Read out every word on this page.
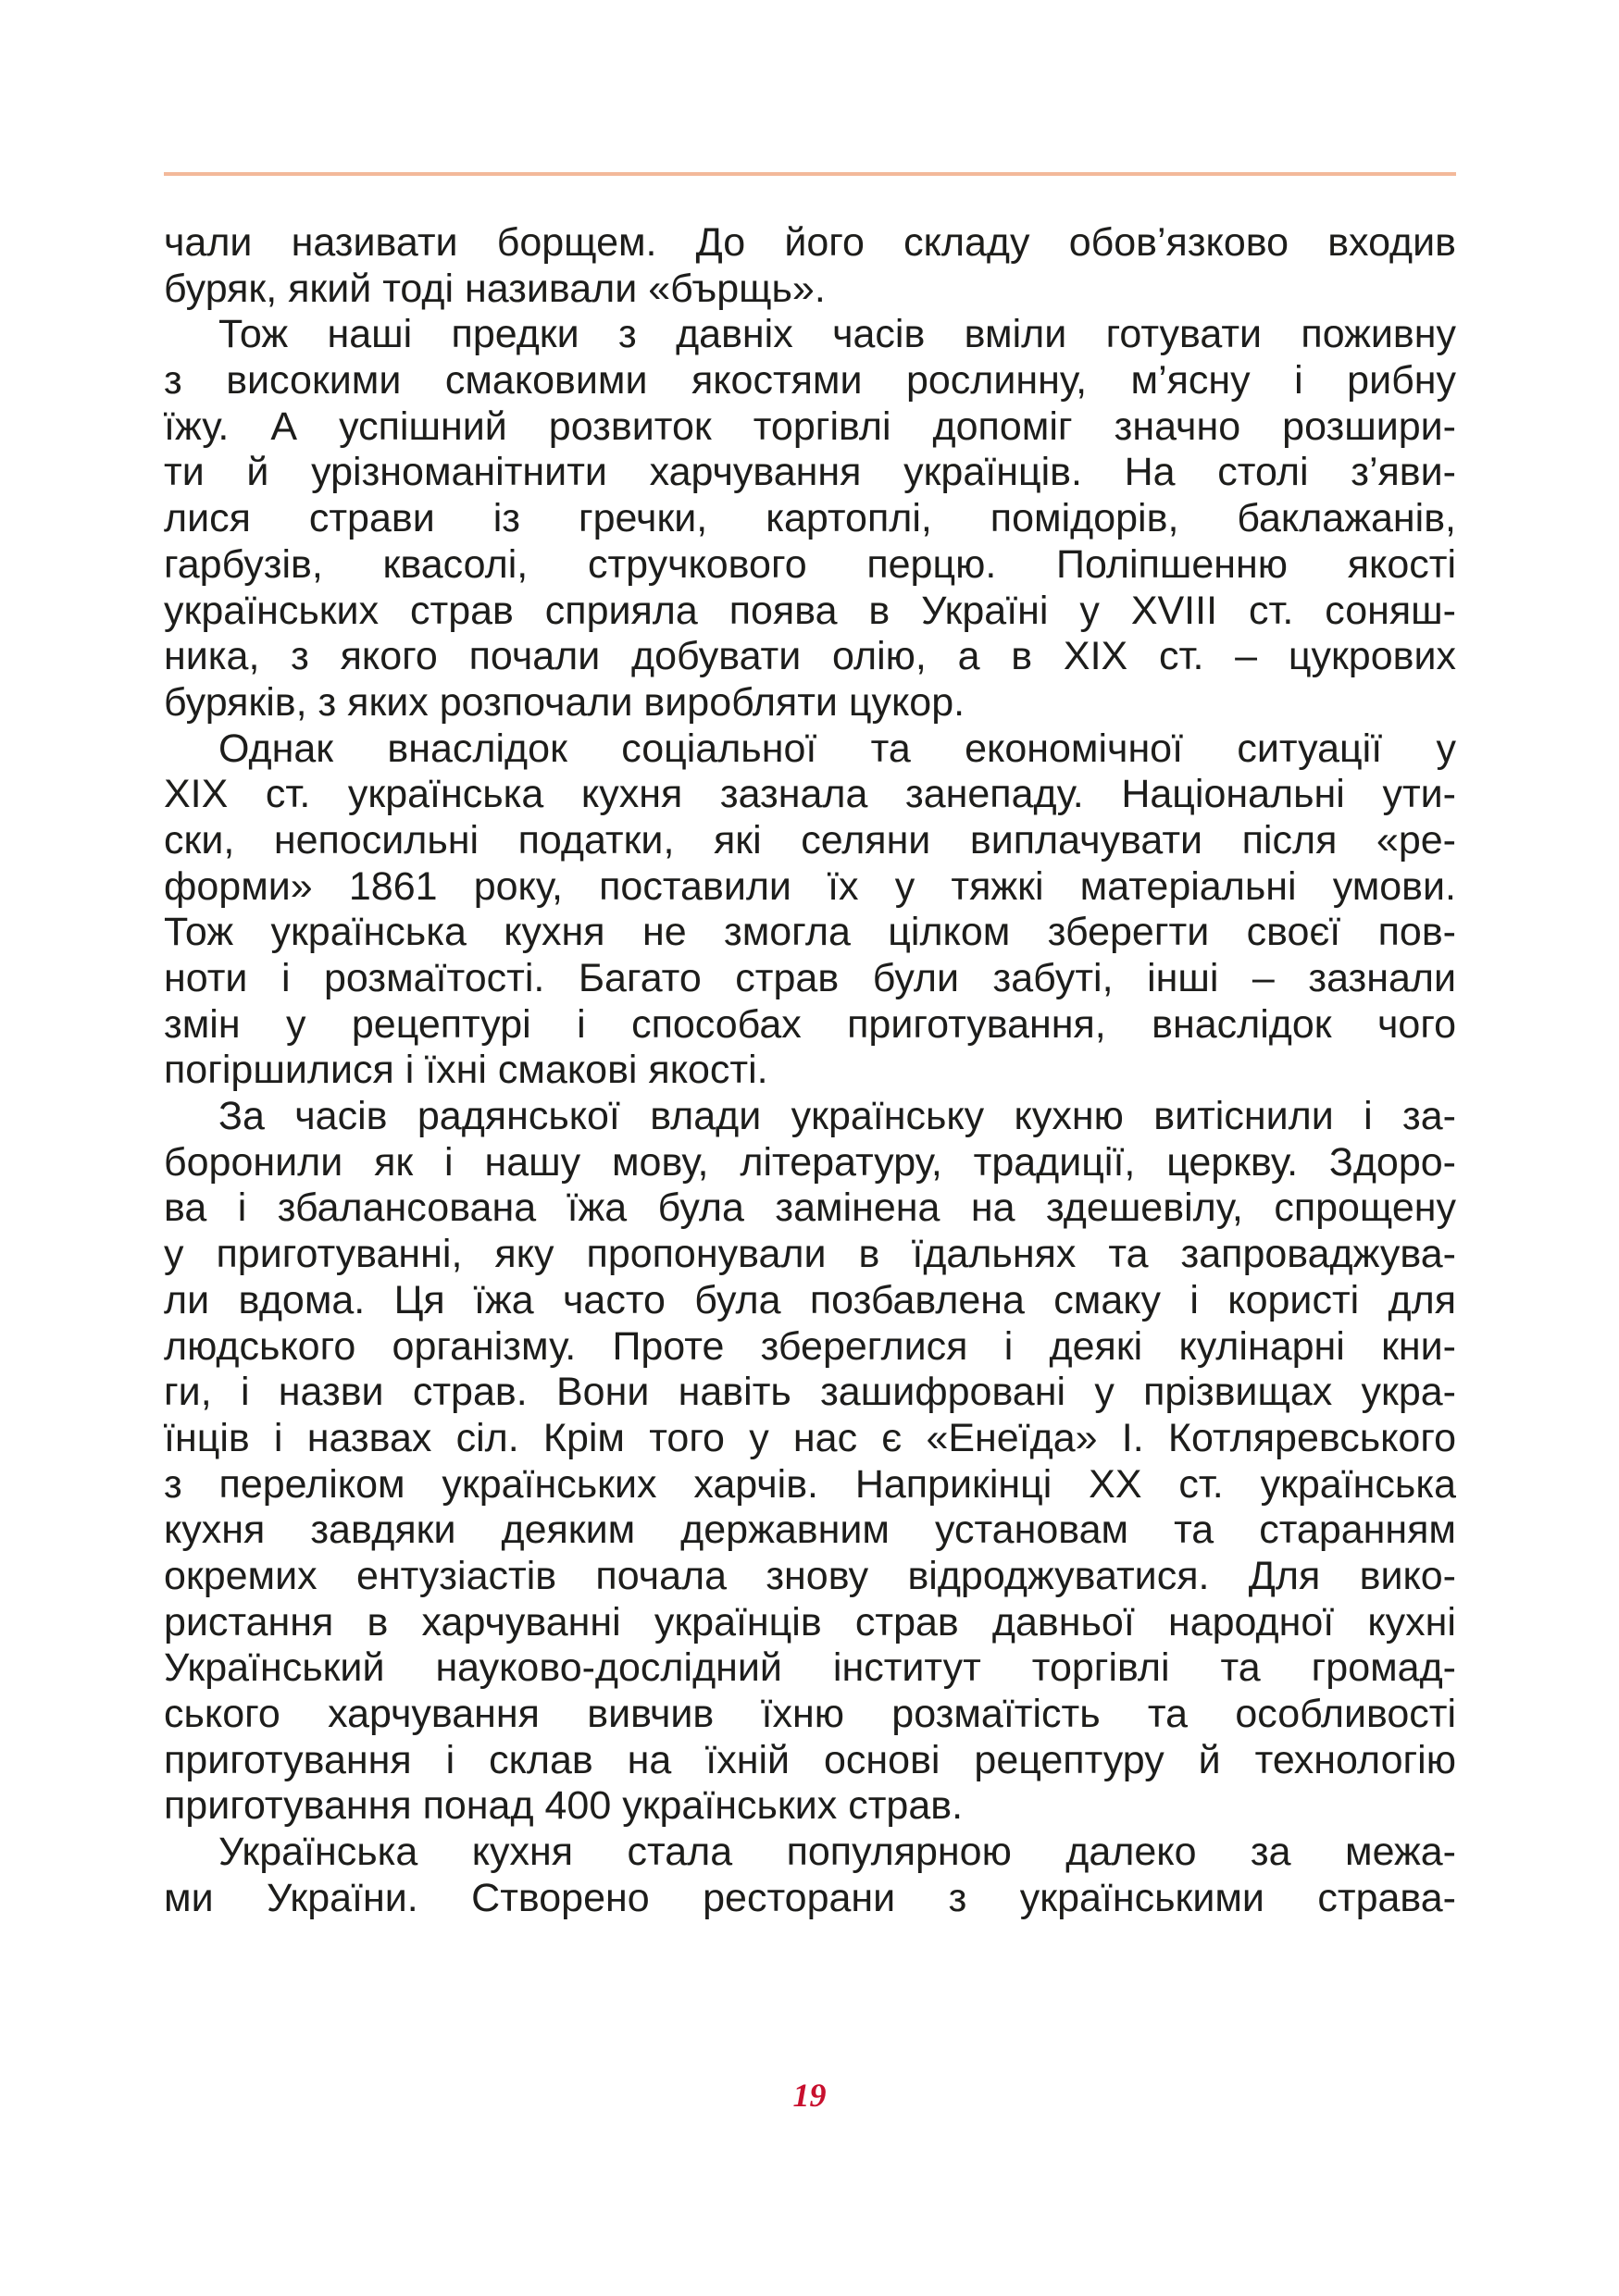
чали називати борщем. До його складу обов’язково входив
буряк, який тоді називали «бърщь».
Тож наші предки з давніх часів вміли готувати поживну
з високими смаковими якостями рослинну, м’ясну і рибну
їжу. А успішний розвиток торгівлі допоміг значно розшири-
ти й урізноманітнити харчування українців. На столі з’яви-
лися страви із гречки, картоплі, помідорів, баклажанів,
гарбузів, квасолі, стручкового перцю. Поліпшенню якості
українських страв сприяла поява в Україні у XVIII ст. соняш-
ника, з якого почали добувати олію, а в XIX ст. – цукрових
буряків, з яких розпочали виробляти цукор.
Однак внаслідок соціальної та економічної ситуації у
XIX ст. українська кухня зазнала занепаду. Національні ути-
ски, непосильні податки, які селяни виплачувати після «ре-
форми» 1861 року, поставили їх у тяжкі матеріальні умови.
Тож українська кухня не змогла цілком зберегти своєї пов-
ноти і розмаїтості. Багато страв були забуті, інші – зазнали
змін у рецептурі і способах приготування, внаслідок чого
погіршилися і їхні смакові якості.
За часів радянської влади українську кухню витіснили і за-
боронили як і нашу мову, літературу, традиції, церкву. Здоро-
ва і збалансована їжа була замінена на здешевілу, спрощену
у приготуванні, яку пропонували в їдальнях та запроваджува-
ли вдома. Ця їжа часто була позбавлена смаку і користі для
людського організму. Проте збереглися і деякі кулінарні кни-
ги, і назви страв. Вони навіть зашифровані у прізвищах укра-
їнців і назвах сіл. Крім того у нас є «Енеїда» І. Котляревського
з переліком українських харчів. Наприкінці XX ст. українська
кухня завдяки деяким державним установам та старанням
окремих ентузіастів почала знову відроджуватися. Для вико-
ристання в харчуванні українців страв давньої народної кухні
Український науково-дослідний інститут торгівлі та громад-
ського харчування вивчив їхню розмаїтість та особливості
приготування і склав на їхній основі рецептуру й технологію
приготування понад 400 українських страв.
Українська кухня стала популярною далеко за межа-
ми України. Створено ресторани з українськими страва-
19
